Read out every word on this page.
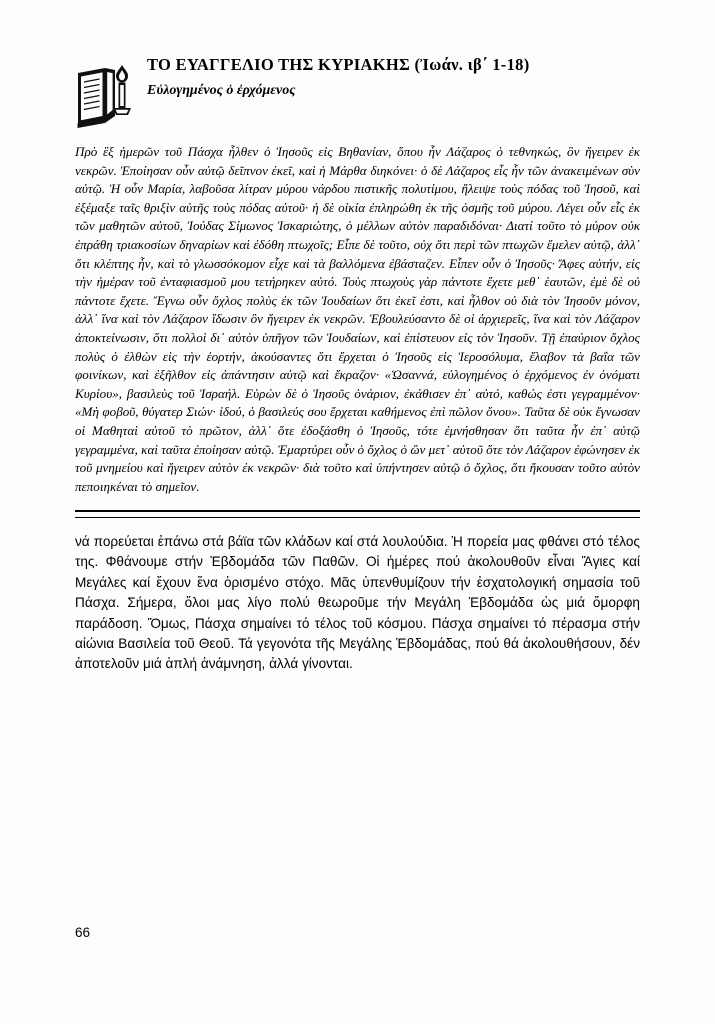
ΤΟ ΕΥΑΓΓΕΛΙΟ ΤΗΣ ΚΥΡΙΑΚΗΣ (Ἰωάν. ιβ΄ 1-18)
Εὐλογημένος ὁ ἐρχόμενος

Πρὸ ἓξ ἡμερῶν τοῦ Πάσχα ἦλθεν ὁ Ἰησοῦς εἰς Βηθανίαν, ὅπου ἦν Λάζαρος ὁ τεθνηκώς, ὃν ἤγειρεν ἐκ νεκρῶν. Ἐποίησαν οὖν αὐτῷ δεῖπνον ἐκεῖ, καὶ ἡ Μάρθα διηκόνει· ὁ δὲ Λάζαρος εἷς ἦν τῶν ἀνακειμένων σὺν αὐτῷ. Ἡ οὖν Μαρία, λαβοῦσα λίτραν μύρου νάρδου πιστικῆς πολυτίμου, ἤλειψε τοὺς πόδας τοῦ Ἰησοῦ, καὶ ἐξέμαξε ταῖς θριξὶν αὐτῆς τοὺς πόδας αὐτοῦ· ἡ δὲ οἰκία ἐπληρώθη ἐκ τῆς ὀσμῆς τοῦ μύρου. Λέγει οὖν εἷς ἐκ τῶν μαθητῶν αὐτοῦ, Ἰούδας Σίμωνος Ἰσκαριώτης, ὁ μέλλων αὐτὸν παραδιδόναι· Διατί τοῦτο τὸ μύρον οὐκ ἐπράθη τριακοσίων δηναρίων καὶ ἐδόθη πτωχοῖς; Εἶπε δὲ τοῦτο, οὐχ ὅτι περὶ τῶν πτωχῶν ἔμελεν αὐτῷ, ἀλλ᾿ ὅτι κλέπτης ἦν, καὶ τὸ γλωσσόκομον εἶχε καὶ τὰ βαλλόμενα ἐβάσταζεν. Εἶπεν οὖν ὁ Ἰησοῦς· Ἄφες αὐτήν, εἰς τὴν ἡμέραν τοῦ ἐνταφιασμοῦ μου τετήρηκεν αὐτό. Τοὺς πτωχοὺς γὰρ πάντοτε ἔχετε μεθ᾿ ἑαυτῶν, ἐμὲ δὲ οὐ πάντοτε ἔχετε. Ἔγνω οὖν ὄχλος πολὺς ἐκ τῶν Ἰουδαίων ὅτι ἐκεῖ ἐστι, καὶ ἦλθον οὐ διὰ τὸν Ἰησοῦν μόνον, ἀλλ᾿ ἵνα καὶ τὸν Λάζαρον ἴδωσιν ὃν ἤγειρεν ἐκ νεκρῶν. Ἐβουλεύσαντο δὲ οἱ ἀρχιερεῖς, ἵνα καὶ τὸν Λάζαρον ἀποκτείνωσιν, ὅτι πολλοὶ δι᾿ αὐτὸν ὑπῆγον τῶν Ἰουδαίων, καὶ ἐπίστευον εἰς τὸν Ἰησοῦν. Τῇ ἐπαύριον ὄχλος πολὺς ὁ ἐλθὼν εἰς τὴν ἑορτήν, ἀκούσαντες ὅτι ἔρχεται ὁ Ἰησοῦς εἰς Ἱεροσόλυμα, ἔλαβον τὰ βαΐα τῶν φοινίκων, καὶ ἐξῆλθον εἰς ἀπάντησιν αὐτῷ καὶ ἔκραζον· «Ὡσαννά, εὐλογημένος ὁ ἐρχόμενος ἐν ὀνόματι Κυρίου», βασιλεὺς τοῦ Ἰσραήλ. Εὑρὼν δὲ ὁ Ἰησοῦς ὀνάριον, ἐκάθισεν ἐπ᾿ αὐτό, καθώς ἐστι γεγραμμένον· «Μὴ φοβοῦ, θύγατερ Σιών· ἰδού, ὁ βασιλεύς σου ἔρχεται καθήμενος ἐπὶ πῶλον ὄνου». Ταῦτα δὲ οὐκ ἔγνωσαν οἱ Μαθηταὶ αὐτοῦ τὸ πρῶτον, ἀλλ᾿ ὅτε ἐδοξάσθη ὁ Ἰησοῦς, τότε ἐμνήσθησαν ὅτι ταῦτα ἦν ἐπ᾿ αὐτῷ γεγραμμένα, καὶ ταῦτα ἐποίησαν αὐτῷ. Ἐμαρτύρει οὖν ὁ ὄχλος ὁ ὢν μετ᾿ αὐτοῦ ὅτε τὸν Λάζαρον ἐφώνησεν ἐκ τοῦ μνημείου καὶ ἤγειρεν αὐτὸν ἐκ νεκρῶν· διὰ τοῦτο καὶ ὑπήντησεν αὐτῷ ὁ ὄχλος, ὅτι ἤκουσαν τοῦτο αὐτὸν πεποιηκέναι τὸ σημεῖον.

νά πορεύεται ἐπάνω στά βάϊα τῶν κλάδων καί στά λουλούδια. Ἡ πορεία μας φθάνει στό τέλος της. Φθάνουμε στήν Ἑβδομάδα τῶν Παθῶν. Οἱ ἡμέρες πού ἀκολουθοῦν εἶναι Ἅγιες καί Μεγάλες καί ἔχουν ἕνα ὁρισμένο στόχο. Μᾶς ὑπενθυμίζουν τήν ἐσχατολογική σημασία τοῦ Πάσχα. Σήμερα, ὅλοι μας λίγο πολύ θεωροῦμε τήν Μεγάλη Ἑβδομάδα ὡς μιά ὄμορφη παράδοση. Ὅμως, Πάσχα σημαίνει τό τέλος τοῦ κόσμου. Πάσχα σημαίνει τό πέρασμα στήν αἰώνια Βασιλεία τοῦ Θεοῦ. Τά γεγονότα τῆς Μεγάλης Ἑβδομάδας, πού θά ἀκολουθήσουν, δέν ἀποτελοῦν μιά ἁπλή ἀνάμνηση, ἀλλά γίνονται.

66
